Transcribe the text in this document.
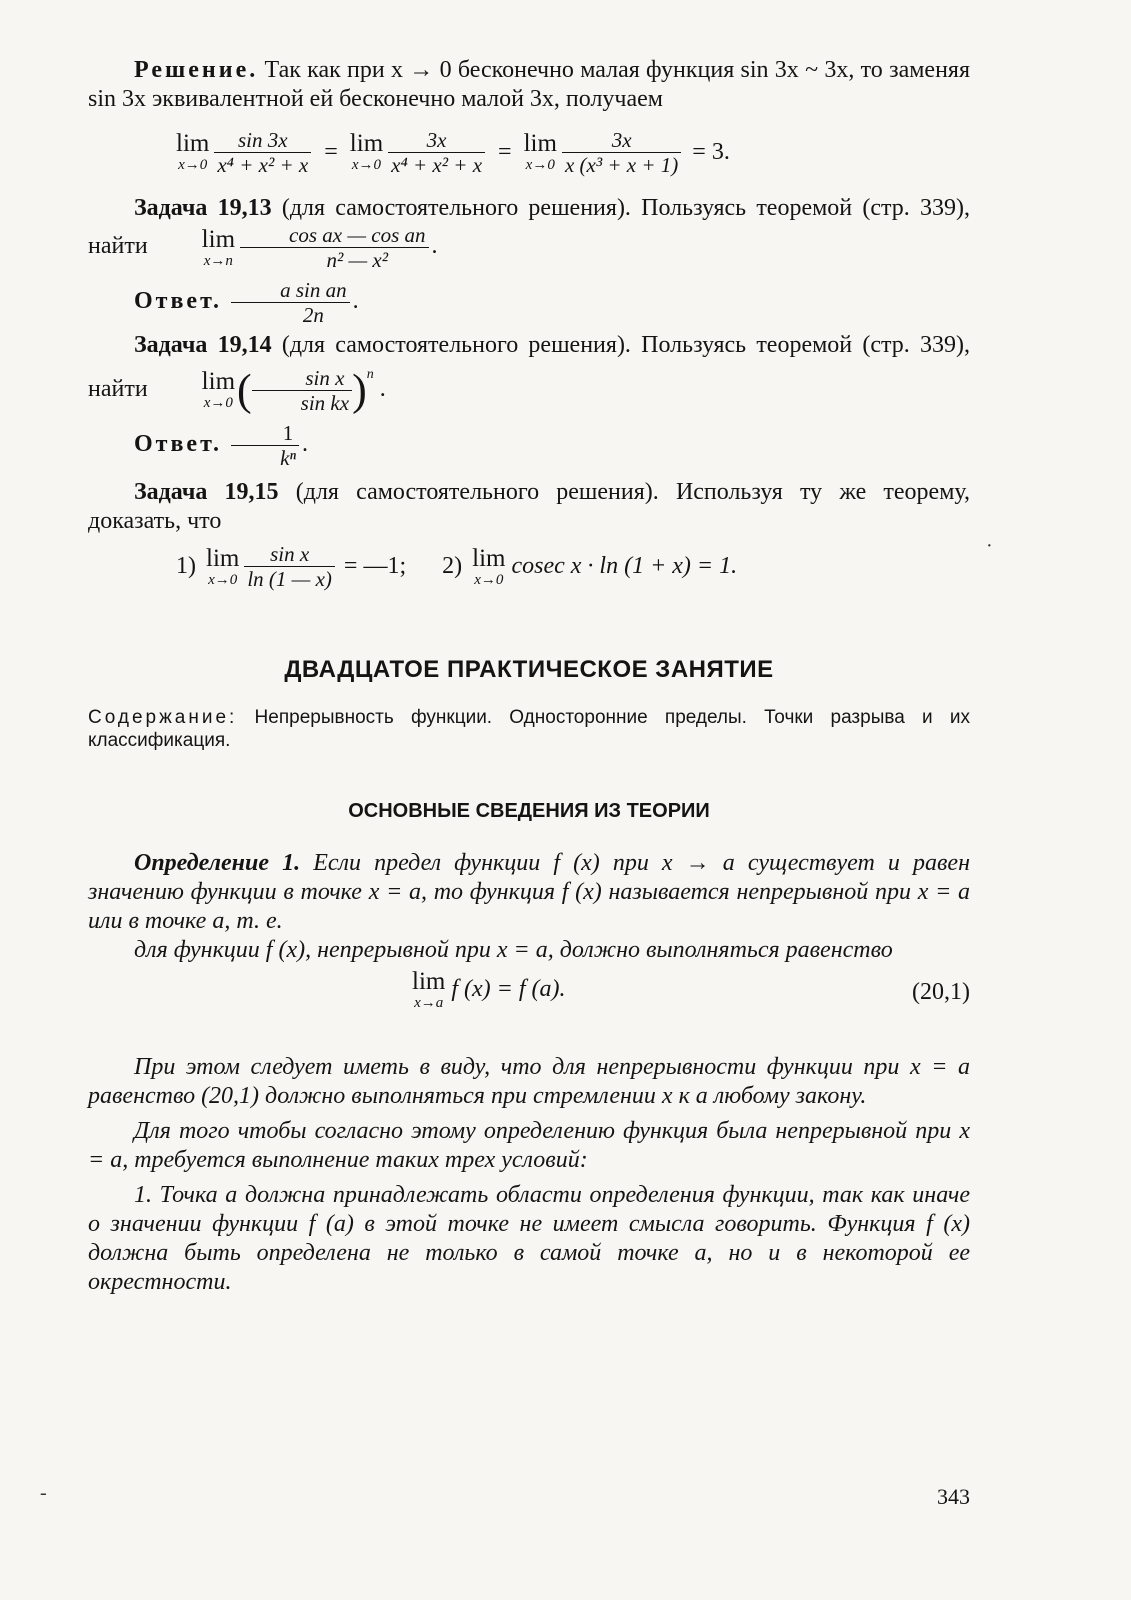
Решение. Так как при x → 0 бесконечно малая функция sin 3x ~ 3x, то заменяя sin 3x эквивалентной ей бесконечно малой 3x, получаем

lim
$x\to 0 \frac{\sin 3x}{\text{x⁴ + x² + x}} = \lim$
$x\to 0 \frac{3x}{\text{x⁴ + x² + x}} = \lim$
$x\to 0 \frac{3x}{\text{x (x³ + x + 1)}} = 3$.

Задача 19,13 (для самостоятельного решения). Пользуясь теоремой (стр. 339), найти	lim
$x\to n \frac{\text{cos ax — cos an}}{\text{n² — x²}}$ .

Ответ. $\frac{\text{a sin an}}{2n}$ .

Задача 19,14 (для самостоятельного решения). Пользуясь теоремой (стр. 339), найти	lim
x→0 ( $\frac{\text{sin x}}{\text{sin kx}} )^n$ .

Ответ. $\frac{1}{\text{kⁿ}}$ .

Задача 19,15 (для самостоятельного решения). Используя ту же теорему, доказать, что

1) lim
$x\to 0 \frac{\text{sin x}}{\ln (1 — x)}$ = —1; 2) lim
x→0
cosec x · ln (1 + x) = 1.
ДВАДЦАТОЕ ПРАКТИЧЕСКОЕ ЗАНЯТИЕ

Содержание: Непрерывность функции. Односторонние пределы. Точки разрыва и их классификация.

ОСНОВНЫЕ СВЕДЕНИЯ ИЗ ТЕОРИИ

Определение 1. Если предел функции f (x) при x → a существует и равен значению функции в точке x = a, то функция f (x) называется непрерывной при x = a или в точке a, т. е.

для функции f (x), непрерывной при x = a, должно выполняться равенство

lim
x→a
f (x) = f (a).	(20,1)

При этом следует иметь в виду, что для непрерывности функции при x = a равенство (20,1) должно выполняться при стремлении x к a любому закону.

Для того чтобы согласно этому определению функция была непрерывной при x = a, требуется выполнение таких трех условий:

1. Точка a должна принадлежать области определения функции, так как иначе о значении функции f (a) в этой точке не имеет смысла говорить. Функция f (x) должна быть определена не только в самой точке a, но и в некоторой ее окрестности.

343
·
-
